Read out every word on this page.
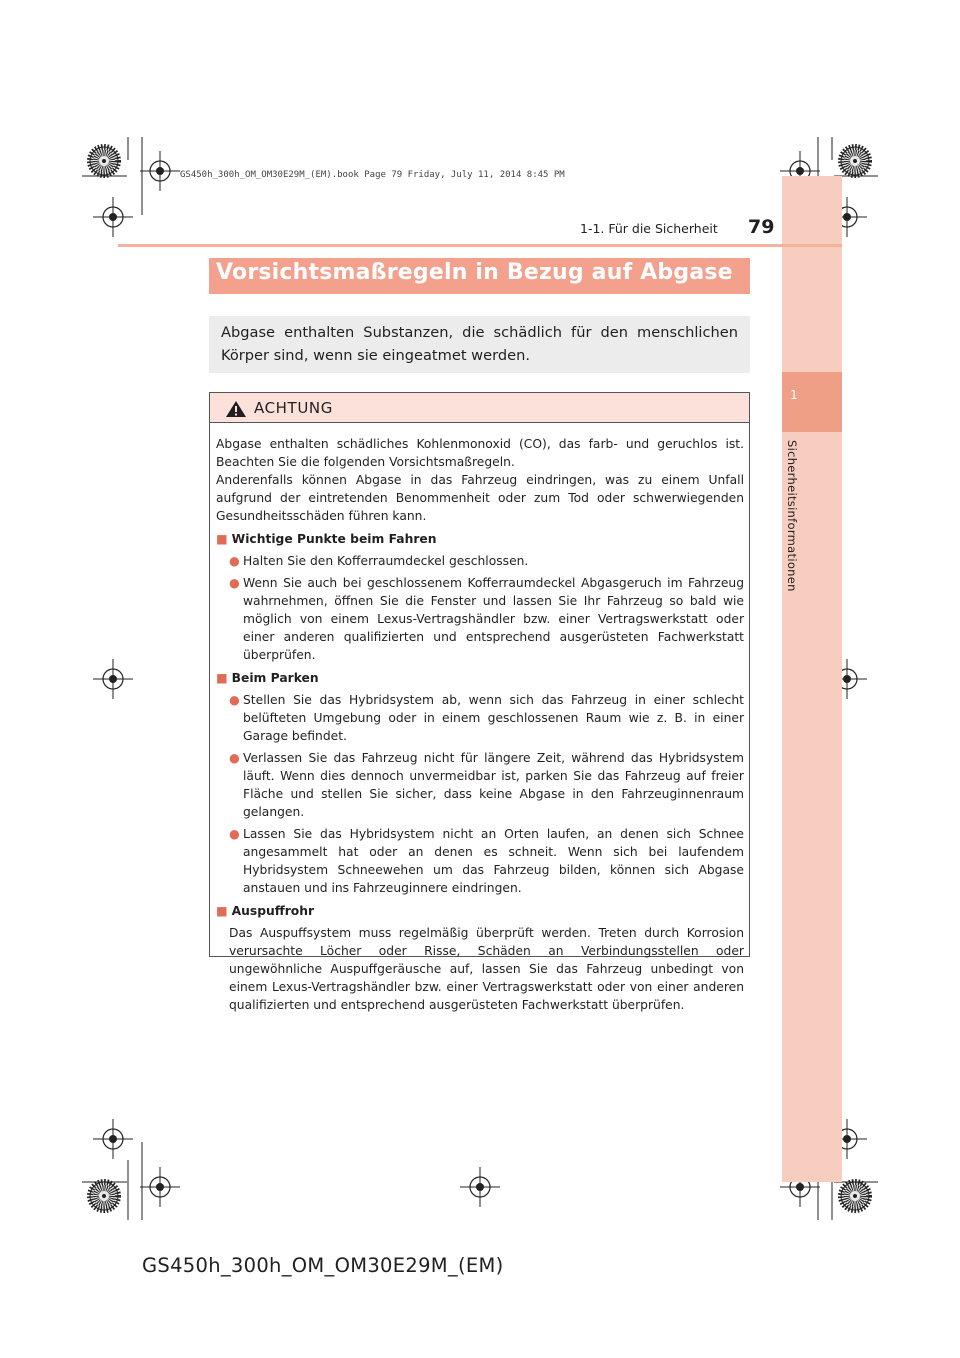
GS450h_300h_OM_OM30E29M_(EM).book Page 79 Friday, July 11, 2014 8:45 PM
1
Sicherheitsinformationen
1-1. Für die Sicherheit 79
Vorsichtsmaßregeln in Bezug auf Abgase

Abgase enthalten Substanzen, die schädlich für den menschlichen Körper sind, wenn sie eingeatmet werden.

ACHTUNG

Abgase enthalten schädliches Kohlenmonoxid (CO), das farb- und geruchlos ist. Beachten Sie die folgenden Vorsichtsmaßregeln.

Anderenfalls können Abgase in das Fahrzeug eindringen, was zu einem Unfall aufgrund der eintretenden Benommenheit oder zum Tod oder schwerwiegenden Gesundheitsschäden führen kann.

■ Wichtige Punkte beim Fahren

● Halten Sie den Kofferraumdeckel geschlossen.

● Wenn Sie auch bei geschlossenem Kofferraumdeckel Abgasgeruch im Fahrzeug wahrnehmen, öffnen Sie die Fenster und lassen Sie Ihr Fahrzeug so bald wie möglich von einem Lexus-Vertragshändler bzw. einer Vertragswerkstatt oder einer anderen qualifizierten und entsprechend ausgerüsteten Fachwerkstatt überprüfen.

■ Beim Parken

● Stellen Sie das Hybridsystem ab, wenn sich das Fahrzeug in einer schlecht belüfteten Umgebung oder in einem geschlossenen Raum wie z. B. in einer Garage befindet.

● Verlassen Sie das Fahrzeug nicht für längere Zeit, während das Hybridsystem läuft. Wenn dies dennoch unvermeidbar ist, parken Sie das Fahrzeug auf freier Fläche und stellen Sie sicher, dass keine Abgase in den Fahrzeuginnenraum gelangen.

● Lassen Sie das Hybridsystem nicht an Orten laufen, an denen sich Schnee angesammelt hat oder an denen es schneit. Wenn sich bei laufendem Hybridsystem Schneewehen um das Fahrzeug bilden, können sich Abgase anstauen und ins Fahrzeuginnere eindringen.

■ Auspuffrohr

Das Auspuffsystem muss regelmäßig überprüft werden. Treten durch Korrosion verursachte Löcher oder Risse, Schäden an Verbindungsstellen oder ungewöhnliche Auspuffgeräusche auf, lassen Sie das Fahrzeug unbedingt von einem Lexus-Vertragshändler bzw. einer Vertragswerkstatt oder von einer anderen qualifizierten und entsprechend ausgerüsteten Fachwerkstatt überprüfen.

GS450h_300h_OM_OM30E29M_(EM)
